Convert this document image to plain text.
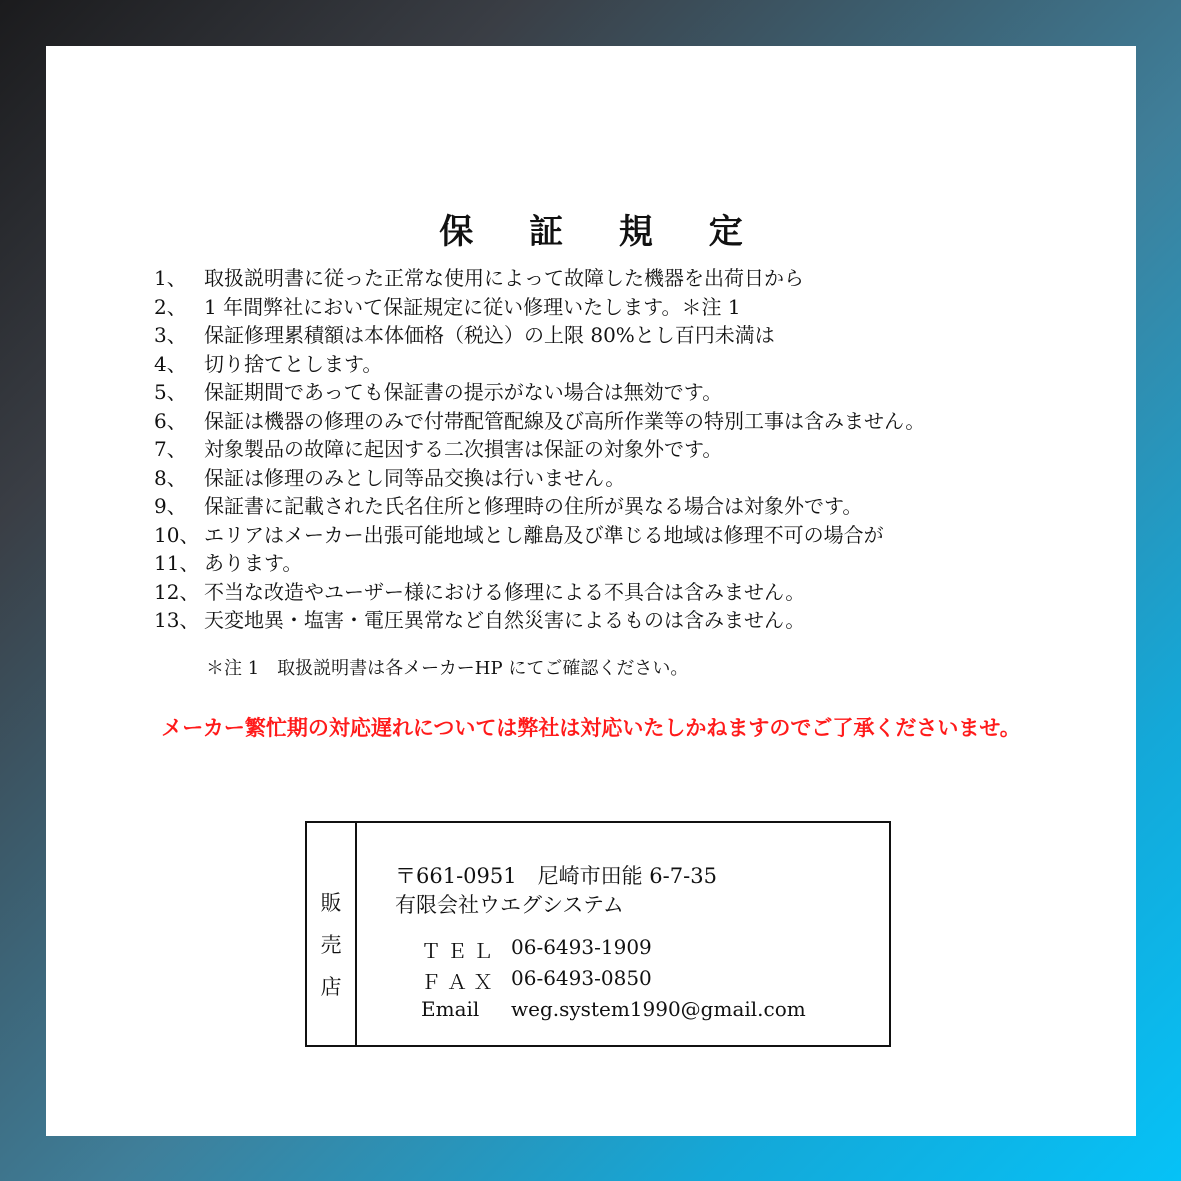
保 証 規 定
1、 取扱説明書に従った正常な使用によって故障した機器を出荷日から
2、 1 年間弊社において保証規定に従い修理いたします。＊注 1
3、 保証修理累積額は本体価格（税込）の上限 80%とし百円未満は
4、 切り捨てとします。
5、 保証期間であっても保証書の提示がない場合は無効です。
6、 保証は機器の修理のみで付帯配管配線及び高所作業等の特別工事は含みません。
7、 対象製品の故障に起因する二次損害は保証の対象外です。
8、 保証は修理のみとし同等品交換は行いません。
9、 保証書に記載された氏名住所と修理時の住所が異なる場合は対象外です。
10、 エリアはメーカー出張可能地域とし離島及び準じる地域は修理不可の場合が
11、 あります。
12、 不当な改造やユーザー様における修理による不具合は含みません。
13、 天変地異・塩害・電圧異常など自然災害によるものは含みません。
＊注 1　取扱説明書は各メーカーHP にてご確認ください。
メーカー繁忙期の対応遅れについては弊社は対応いたしかねますのでご了承くださいませ。
販
売
店
〒661-0951　尼崎市田能 6-7-35
有限会社ウエグシステム
ＴＥＬ 06-6493-1909
ＦＡＸ 06-6493-0850
Email	weg.system1990@gmail.com
